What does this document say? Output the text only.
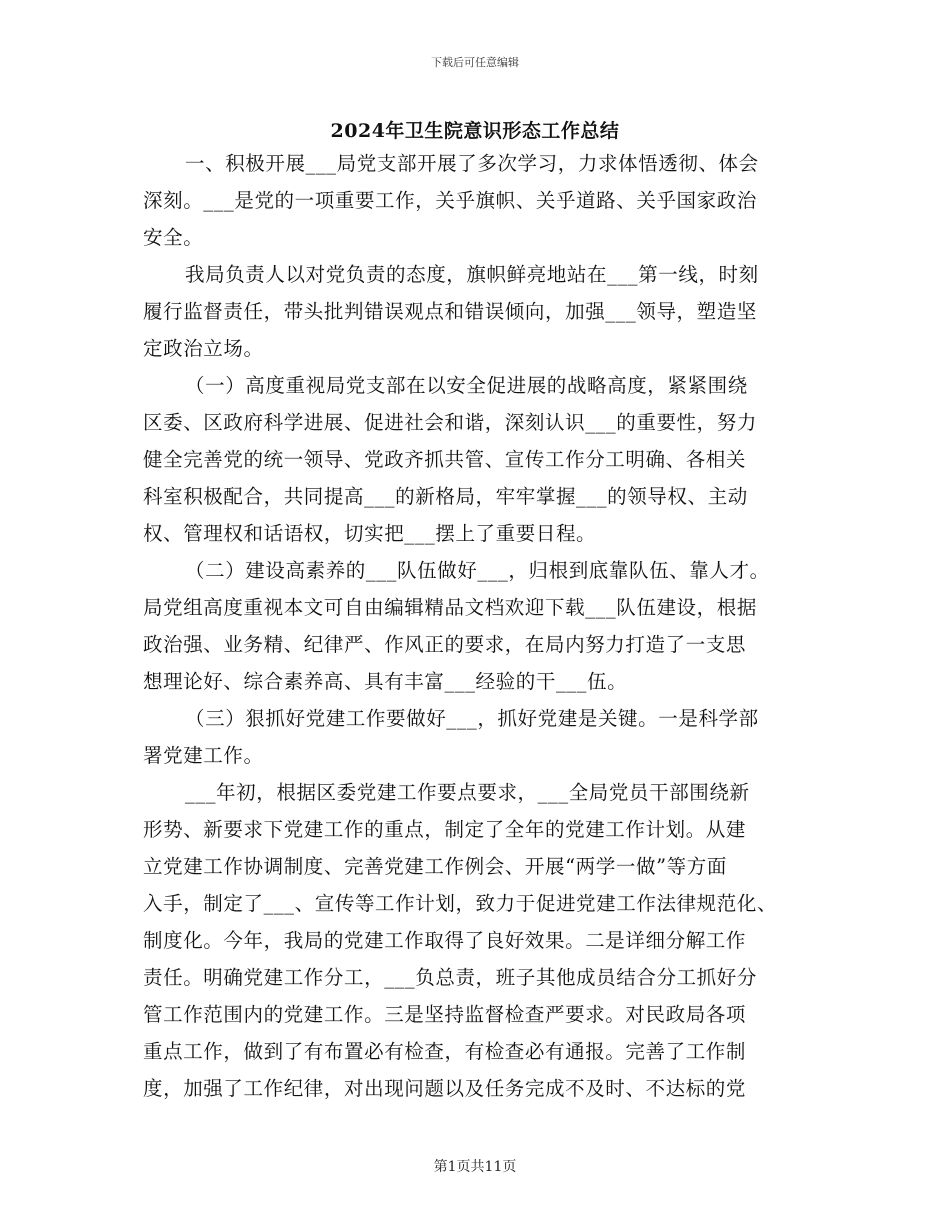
下载后可任意编辑
2024年卫生院意识形态工作总结
一、积极开展___局党支部开展了多次学习，力求体悟透彻、体会
深刻。___是党的一项重要工作，关乎旗帜、关乎道路、关乎国家政治
安全。
我局负责人以对党负责的态度，旗帜鲜亮地站在___第一线，时刻
履行监督责任，带头批判错误观点和错误倾向，加强___领导，塑造坚
定政治立场。
（一）高度重视局党支部在以安全促进展的战略高度，紧紧围绕
区委、区政府科学进展、促进社会和谐，深刻认识___的重要性，努力
健全完善党的统一领导、党政齐抓共管、宣传工作分工明确、各相关
科室积极配合，共同提高___的新格局，牢牢掌握___的领导权、主动
权、管理权和话语权，切实把___摆上了重要日程。
（二）建设高素养的___队伍做好___，归根到底靠队伍、靠人才。
局党组高度重视本文可自由编辑精品文档欢迎下载___队伍建设，根据
政治强、业务精、纪律严、作风正的要求，在局内努力打造了一支思
想理论好、综合素养高、具有丰富___经验的干___伍。
（三）狠抓好党建工作要做好___，抓好党建是关键。一是科学部
署党建工作。
___年初，根据区委党建工作要点要求，___全局党员干部围绕新
形势、新要求下党建工作的重点，制定了全年的党建工作计划。从建
立党建工作协调制度、完善党建工作例会、开展“两学一做”等方面
入手，制定了___、宣传等工作计划，致力于促进党建工作法律规范化、
制度化。今年，我局的党建工作取得了良好效果。二是详细分解工作
责任。明确党建工作分工，___负总责，班子其他成员结合分工抓好分
管工作范围内的党建工作。三是坚持监督检查严要求。对民政局各项
重点工作，做到了有布置必有检查，有检查必有通报。完善了工作制
度，加强了工作纪律，对出现问题以及任务完成不及时、不达标的党
第1页共11页
